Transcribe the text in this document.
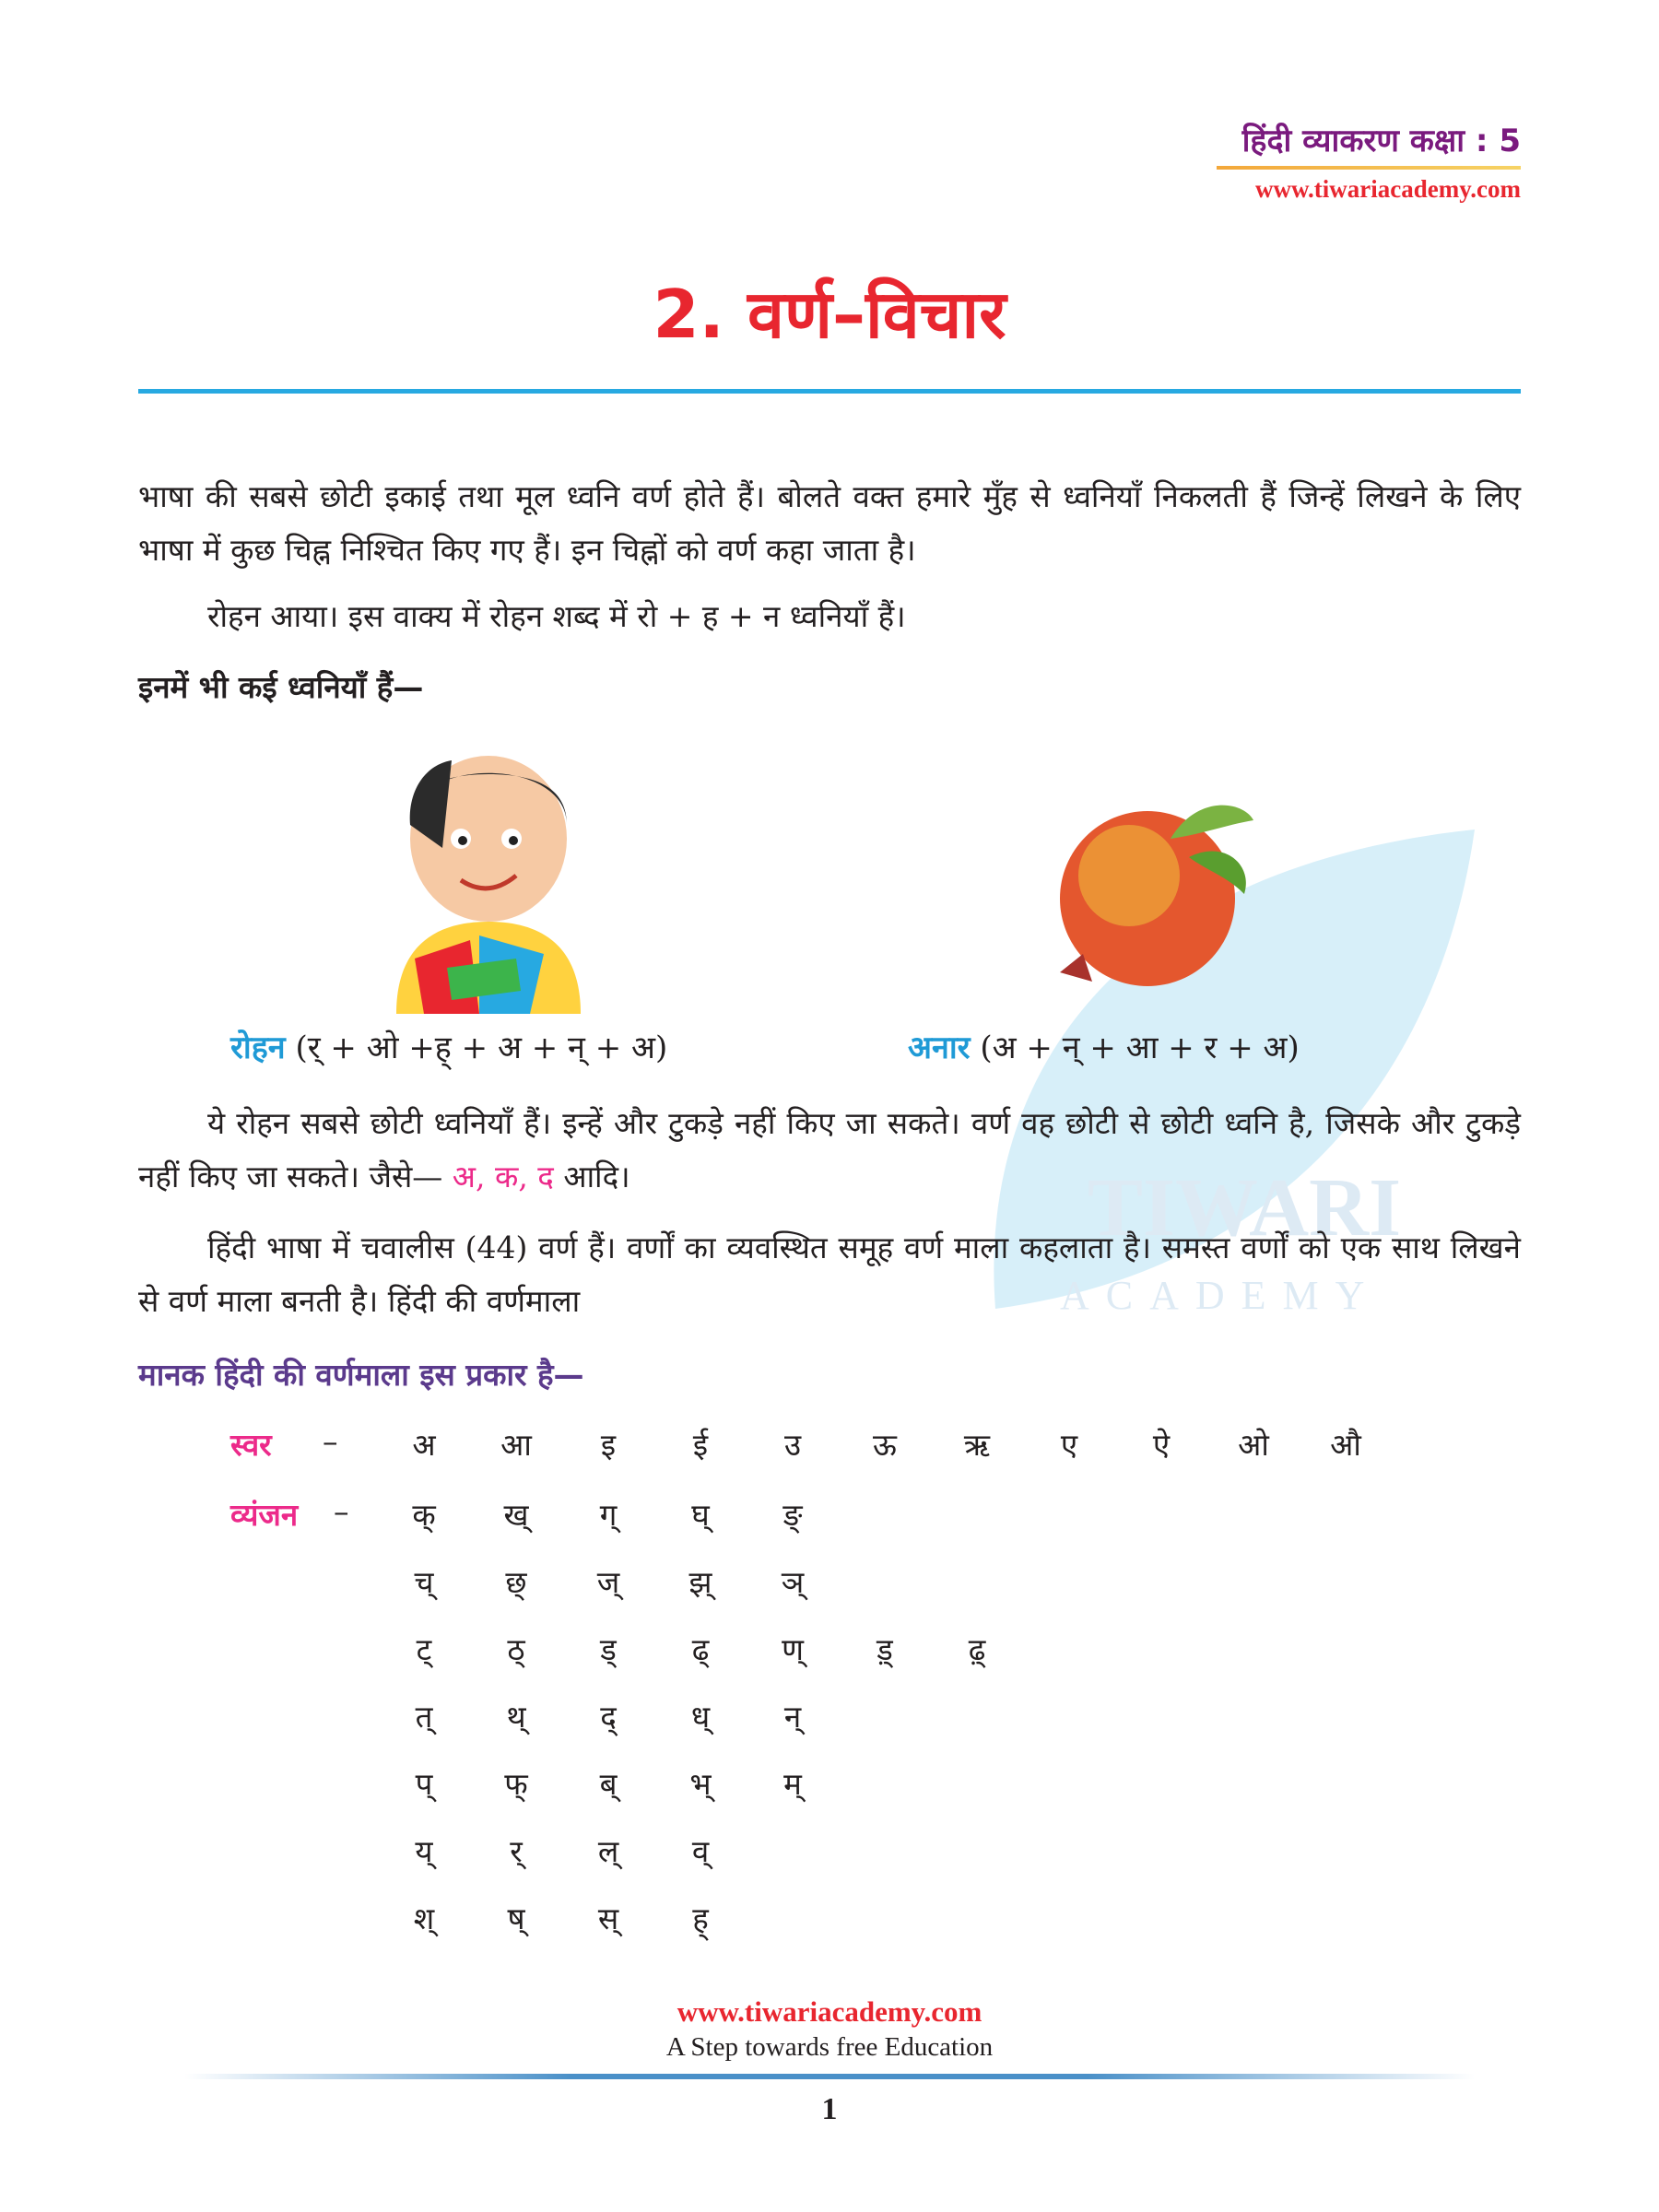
हिंदी व्याकरण कक्षा : 5
www.tiwariacademy.com
2. वर्ण–विचार
TIWARI
ACADEMY
भाषा की सबसे छोटी इकाई तथा मूल ध्वनि वर्ण होते हैं। बोलते वक्त हमारे मुँह से ध्वनियाँ निकलती हैं जिन्हें लिखने के लिए भाषा में कुछ चिह्न निश्चित किए गए हैं। इन चिह्नों को वर्ण कहा जाता है।
रोहन आया। इस वाक्य में रोहन शब्द में रो + ह + न ध्वनियाँ हैं।
इनमें भी कई ध्वनियाँ हैं—
रोहन (र् + ओ +ह् + अ + न् + अ)	अनार (अ + न् + आ + र + अ)
ये रोहन सबसे छोटी ध्वनियाँ हैं। इन्हें और टुकड़े नहीं किए जा सकते। वर्ण वह छोटी से छोटी ध्वनि है, जिसके और टुकड़े नहीं किए जा सकते। जैसे— अ, क, द आदि।
हिंदी भाषा में चवालीस (44) वर्ण हैं। वर्णों का व्यवस्थित समूह वर्ण माला कहलाता है। समस्त वर्णों को एक साथ लिखने से वर्ण माला बनती है। हिंदी की वर्णमाला
मानक हिंदी की वर्णमाला इस प्रकार है—
स्वर –	अ	आ	इ	ई	उ	ऊ	ऋ	ए	ऐ	ओ	औ
व्यंजन –	क्	ख्	ग्	घ्	ङ्
च्	छ्	ज्	झ्	ञ्
ट्	ठ्	ड्	ढ्	ण्	ड़्	ढ़्
त्	थ्	द्	ध्	न्
प्	फ्	ब्	भ्	म्
य्	र्	ल्	व्
श्	ष्	स्	ह्
www.tiwariacademy.com
A Step towards free Education
1
